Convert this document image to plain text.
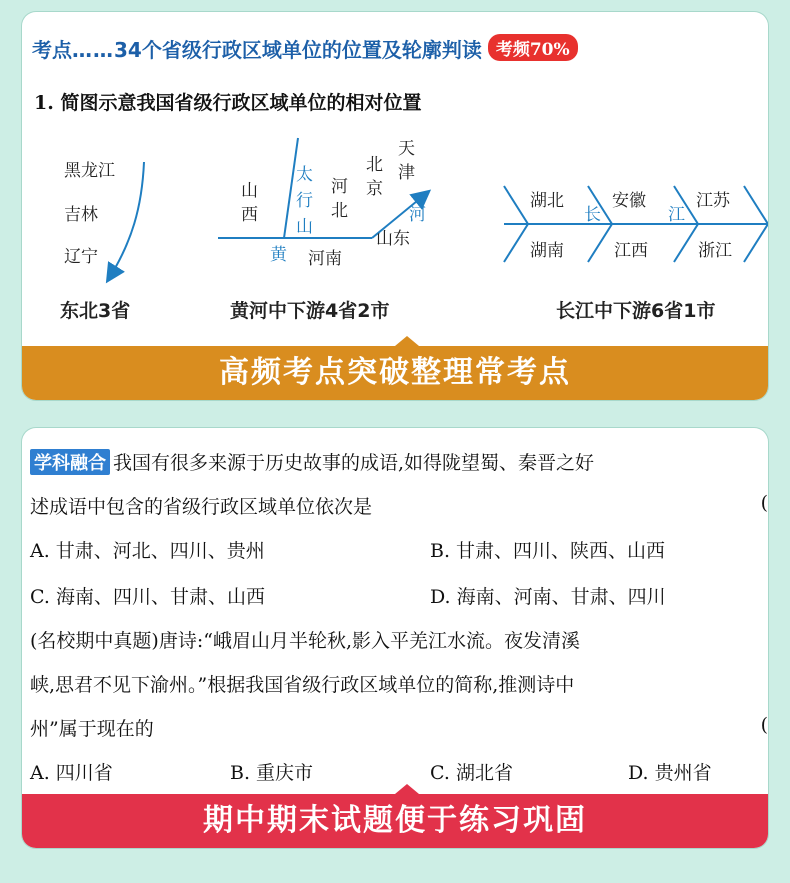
考点……34个省级行政区域单位的位置及轮廓判读 考频70%
1. 简图示意我国省级行政区域单位的相对位置
黑龙江
吉林
辽宁
山
西
太
行
山
河
北
北
京
天
津
河
黄 河南
山东
湖北	安徽	江苏
湖南	江西	浙江
长	江
东北3省	黄河中下游4省2市	长江中下游6省1市
高频考点突破整理常考点
学科融合 我国有很多来源于历史故事的成语,如得陇望蜀、秦晋之好
述成语中包含的省级行政区域单位依次是	(
A. 甘肃、河北、四川、贵州	B. 甘肃、四川、陕西、山西
C. 海南、四川、甘肃、山西	D. 海南、河南、甘肃、四川
(名校期中真题)唐诗:“峨眉山月半轮秋,影入平羌江水流。夜发清溪
峡,思君不见下渝州。”根据我国省级行政区域单位的简称,推测诗中
州”属于现在的	(
A. 四川省	B. 重庆市	C. 湖北省	D. 贵州省
期中期末试题便于练习巩固
